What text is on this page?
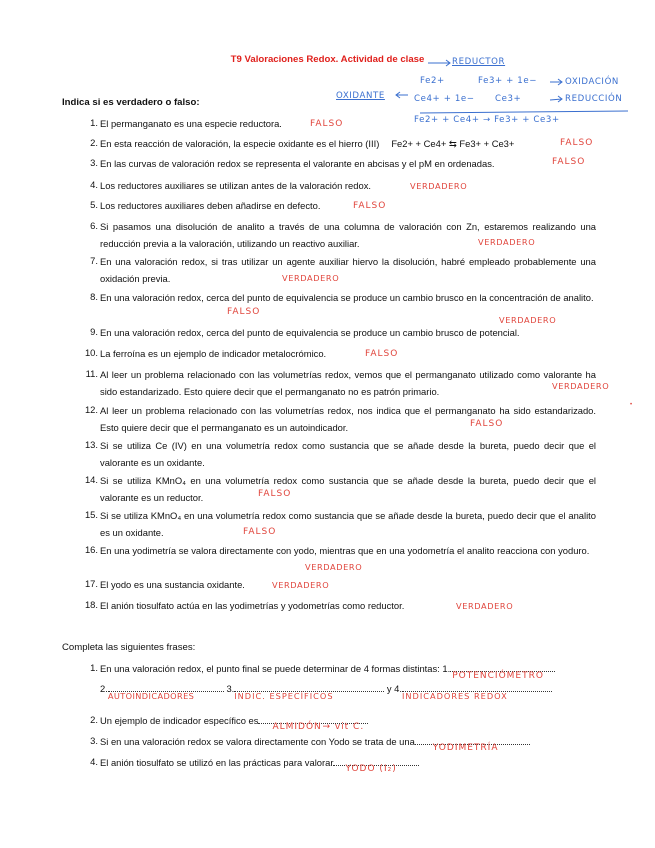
T9 Valoraciones Redox. Actividad de clase	REDUCTOR
Fe2+	Fe3+ + 1e−	OXIDACIÓN
OXIDANTE	Ce4+ + 1e− Ce3+	REDUCCIÓN
Fe2+ + Ce4+ → Fe3+ + Ce3+
Indica si es verdadero o falso:
1. El permanganato es una especie reductora.	FALSO
2. En esta reacción de valoración, la especie oxidante es el hierro (III) Fe2+ + Ce4+ ⇆ Fe3+ + Ce3+	FALSO
3. En las curvas de valoración redox se representa el valorante en abcisas y el pM en ordenadas.	FALSO
4. Los reductores auxiliares se utilizan antes de la valoración redox.	VERDADERO
5. Los reductores auxiliares deben añadirse en defecto.	FALSO
6. Si pasamos una disolución de analito a través de una columna de valoración con Zn, estaremos realizando una reducción previa a la valoración, utilizando un reactivo auxiliar.	VERDADERO
7. En una valoración redox, si tras utilizar un agente auxiliar hiervo la disolución, habré empleado probablemente una oxidación previa.	VERDADERO
8. En una valoración redox, cerca del punto de equivalencia se produce un cambio brusco en la concentración de analito.
FALSO
9. En una valoración redox, cerca del punto de equivalencia se produce un cambio brusco de potencial.
VERDADERO
10. La ferroína es un ejemplo de indicador metalocrómico.	FALSO
11. Al leer un problema relacionado con las volumetrías redox, vemos que el permanganato utilizado como valorante ha sido estandarizado. Esto quiere decir que el permanganato no es patrón primario.	VERDADERO
12. Al leer un problema relacionado con las volumetrías redox, nos indica que el permanganato ha sido estandarizado. Esto quiere decir que el permanganato es un autoindicador.	FALSO
13. Si se utiliza Ce (IV) en una volumetría redox como sustancia que se añade desde la bureta, puedo decir que el valorante es un oxidante.
14. Si se utiliza KMnO₄ en una volumetría redox como sustancia que se añade desde la bureta, puedo decir que el valorante es un reductor.	FALSO
15. Si se utiliza KMnO₄ en una volumetría redox como sustancia que se añade desde la bureta, puedo decir que el analito es un oxidante.	FALSO
16. En una yodimetría se valora directamente con yodo, mientras que en una yodometría el analito reacciona con yoduro.
VERDADERO
17. El yodo es una sustancia oxidante.	VERDADERO
18. El anión tiosulfato actúa en las yodimetrías y yodometrías como reductor.	VERDADERO
Completa las siguientes frases:
1. En una valoración redox, el punto final se puede determinar de 4 formas distintas: 1.
POTENCIÓMETRO
2.
AUTOINDICADORES
3.
INDIC. ESPECÍFICOS
y 4.
INDICADORES REDOX
2. Un ejemplo de indicador específico es
ALMIDÓN → vit C.
3. Si en una valoración redox se valora directamente con Yodo se trata de una
YODIMETRÍA
4. El anión tiosulfato se utilizó en las prácticas para valorar
YODO (I₂)
•
